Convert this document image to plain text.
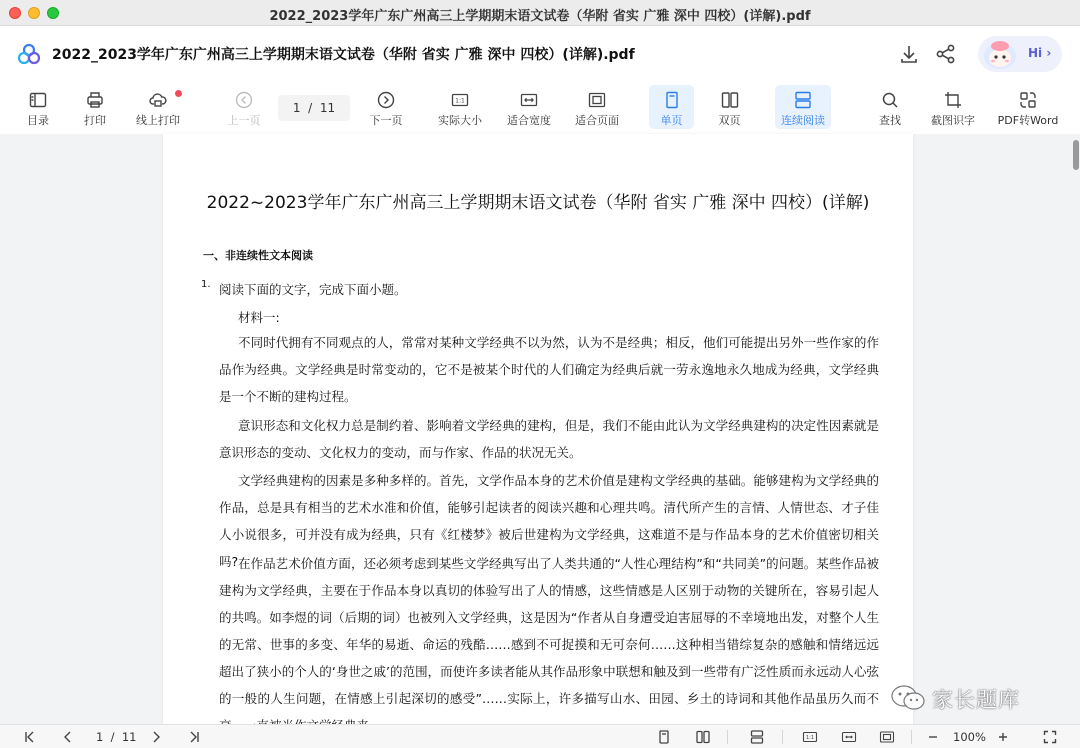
2022_2023学年广东广州高三上学期期末语文试卷（华附 省实 广雅 深中 四校）(详解).pdf
2022_2023学年广东广州高三上学期期末语文试卷（华附 省实 广雅 深中 四校）(详解).pdf	Hi ›
目录	打印	线上打印	上一页
1  /  11
下一页
1:1
实际大小	适合宽度	适合页面	单页	双页	连续阅读	查找	截图识字	PDF转Word
2022~2023学年广东广州高三上学期期末语文试卷（华附 省实 广雅 深中 四校）(详解)
一、非连续性文本阅读
1. 阅读下面的文字，完成下面小题。
材料一:
不同时代拥有不同观点的人，常常对某种文学经典不以为然，认为不是经典；相反，他们可能提出另外一些作家的作品作为经典。文学经典是时常变动的，它不是被某个时代的人们确定为经典后就一劳永逸地永久地成为经典，文学经典是一个不断的建构过程。
意识形态和文化权力总是制约着、影响着文学经典的建构，但是，我们不能由此认为文学经典建构的决定性因素就是意识形态的变动、文化权力的变动，而与作家、作品的状况无关。
文学经典建构的因素是多种多样的。首先，文学作品本身的艺术价值是建构文学经典的基础。能够建构为文学经典的作品，总是具有相当的艺术水准和价值，能够引起读者的阅读兴趣和心理共鸣。清代所产生的言情、人情世态、才子佳人小说很多，可并没有成为经典，只有《红楼梦》被后世建构为文学经典，这难道不是与作品本身的艺术价值密切相关吗? 在作品艺术价值方面，还必须考虑到某些文学经典写出了人类共通的“人性心理结构”和“共同美”的问题。某些作品被建构为文学经典，主要在于作品本身以真切的体验写出了人的情感，这些情感是人区别于动物的关键所在，容易引起人的共鸣。如李煜的词（后期的词）也被列入文学经典，这是因为“作者从自身遭受迫害屈辱的不幸境地出发，对整个人生的无常、世事的多变、年华的易逝、命运的残酷……感到不可捉摸和无可奈何……这种相当错综复杂的感触和情绪远远超出了狭小的个人的‘身世之戚’的范围，而使许多读者能从其作品形象中联想和触及到一些带有广泛性质而永远动人心弦的一般的人生问题，在情感上引起深切的感受”……实际上，许多描写山水、田园、乡土的诗词和其他作品虽历久而不
1  /  11	1:1	100%
家长题库
